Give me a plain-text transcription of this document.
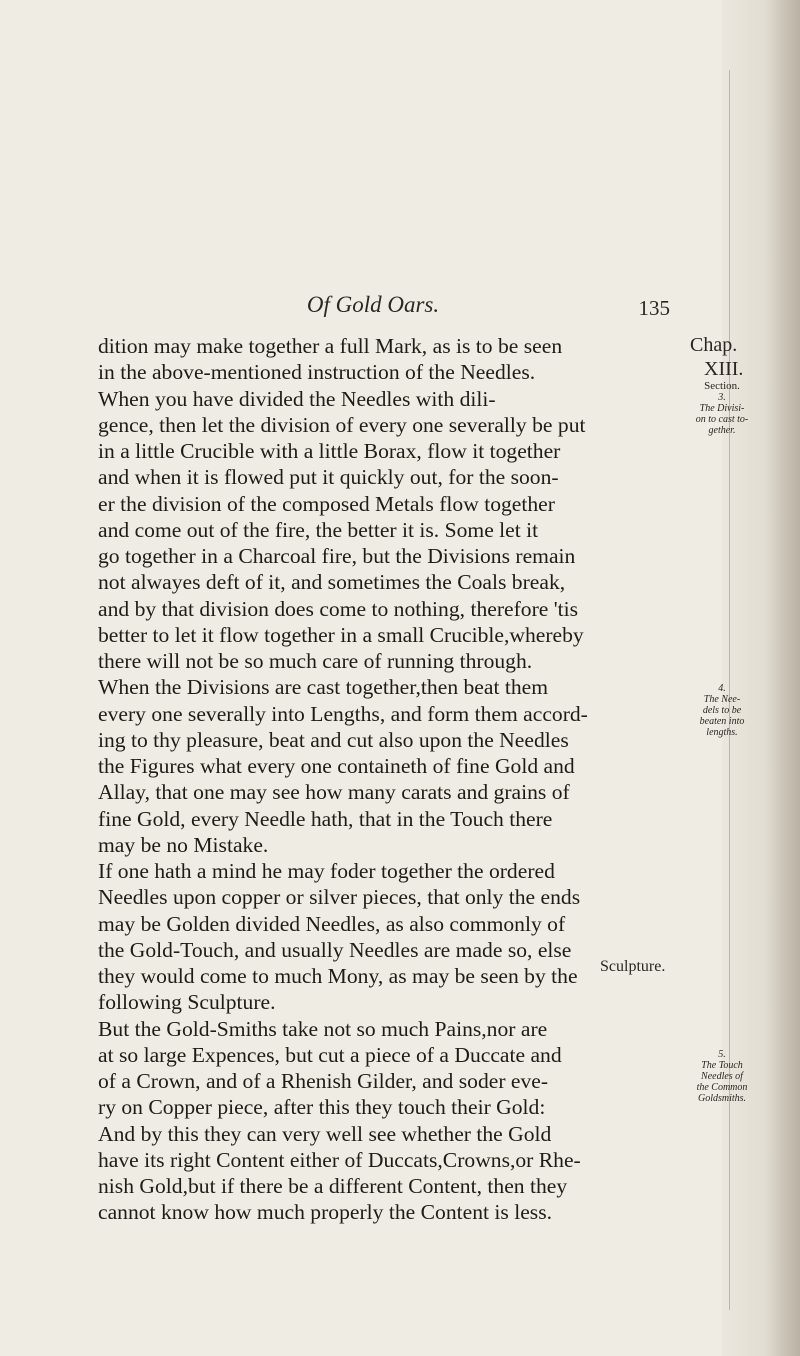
Of Gold Oars.	135
Chap.
XIII.
Section.
3.
The Divisi-
on to cast to-
gether.
4.
The Nee-
dels to be
beaten into
lengths.
5.
The Touch
Needles of
the Common
Goldsmiths.
dition may make together a full Mark, as is to be seen
in the above-mentioned instruction of the Needles.
When you have divided the Needles with dili-
gence, then let the division of every one severally be put
in a little Crucible with a little Borax, flow it together
and when it is flowed put it quickly out, for the soon-
er the division of the composed Metals flow together
and come out of the fire, the better it is. Some let it
go together in a Charcoal fire, but the Divisions remain
not alwayes deft of it, and sometimes the Coals break,
and by that division does come to nothing, therefore 'tis
better to let it flow together in a small Crucible,whereby
there will not be so much care of running through.
When the Divisions are cast together,then beat them
every one severally into Lengths, and form them accord-
ing to thy pleasure, beat and cut also upon the Needles
the Figures what every one containeth of fine Gold and
Allay, that one may see how many carats and grains of
fine Gold, every Needle hath, that in the Touch there
may be no Mistake.
If one hath a mind he may foder together the ordered
Needles upon copper or silver pieces, that only the ends
may be Golden divided Needles, as also commonly of
the Gold-Touch, and usually Needles are made so, else
they would come to much Mony, as may be seen by the
following Sculpture.
But the Gold-Smiths take not so much Pains,nor are
at so large Expences, but cut a piece of a Duccate and
of a Crown, and of a Rhenish Gilder, and soder eve-
ry on Copper piece, after this they touch their Gold:
And by this they can very well see whether the Gold
have its right Content either of Duccats,Crowns,or Rhe-
nish Gold,but if there be a different Content, then they
cannot know how much properly the Content is less.
Sculpture.
